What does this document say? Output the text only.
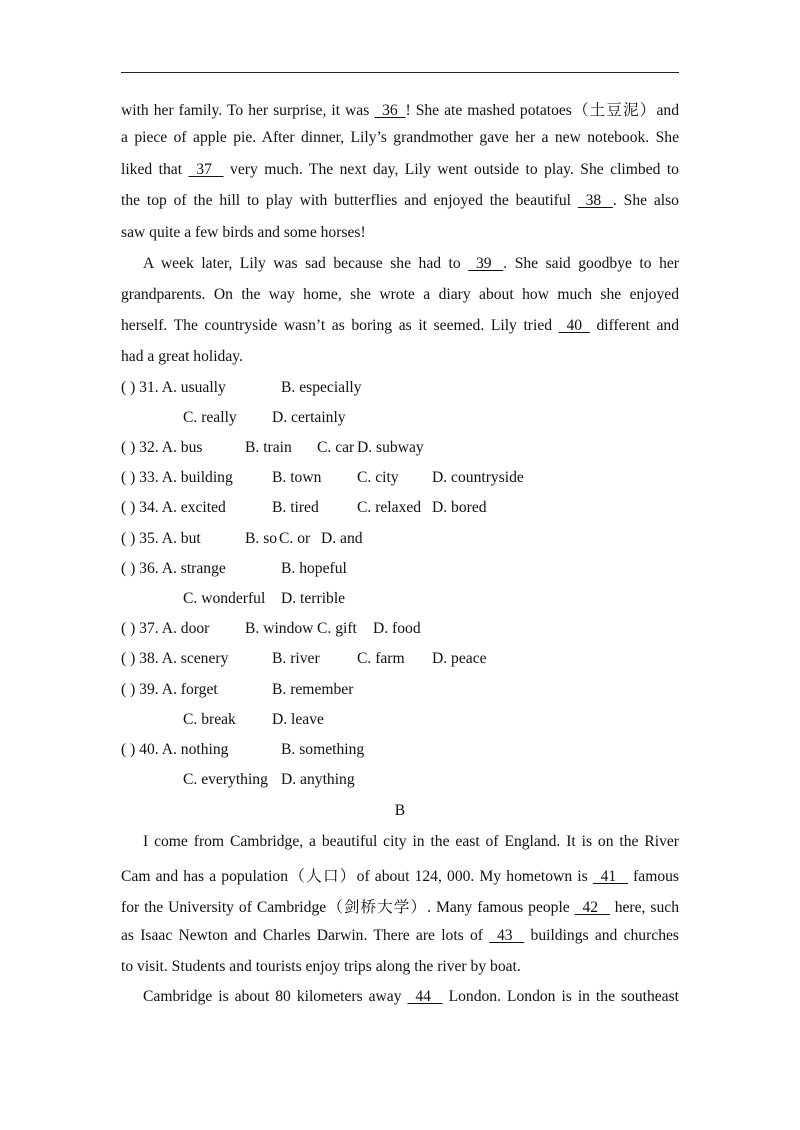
with her family. To her surprise, it was   36  ! She ate mashed potatoes（土豆泥）and
a piece of apple pie. After dinner, Lily’s grandmother gave her a new notebook. She
liked that   37    very much. The next day, Lily went outside to play. She climbed to
the top of the hill to play with butterflies and enjoyed the beautiful   38   . She also
saw quite a few birds and some horses!
A week later, Lily was sad because she had to   39   . She said goodbye to her
grandparents. On the way home, she wrote a diary about how much she enjoyed
herself. The countryside wasn’t as boring as it seemed. Lily tried   40   different and
had a great holiday.
( ) 31. A. usually	B. especially
C. really D. certainly
( ) 32. A. bus	B. train C. car D. subway
( ) 33. A. building	B. town C. city D. countryside
( ) 34. A. excited	B. tired C. relaxed D. bored
( ) 35. A. but	B. so C. or D. and
( ) 36. A. strange	B. hopeful
C. wonderful D. terrible
( ) 37. A. door B. window C. gift D. food
( ) 38. A. scenery	B. river C. farm D. peace
( ) 39. A. forget	B. remember
C. break D. leave
( ) 40. A. nothing	B. something
C. everything D. anything
B
I come from Cambridge, a beautiful city in the east of England. It is on the River
Cam and has a population（人口）of about 124, 000. My hometown is   41    famous
for the University of Cambridge（剑桥大学）. Many famous people   42    here, such
as Isaac Newton and Charles Darwin. There are lots of   43    buildings and churches
to visit. Students and tourists enjoy trips along the river by boat.
Cambridge is about 80 kilometers away   44    London. London is in the southeast
